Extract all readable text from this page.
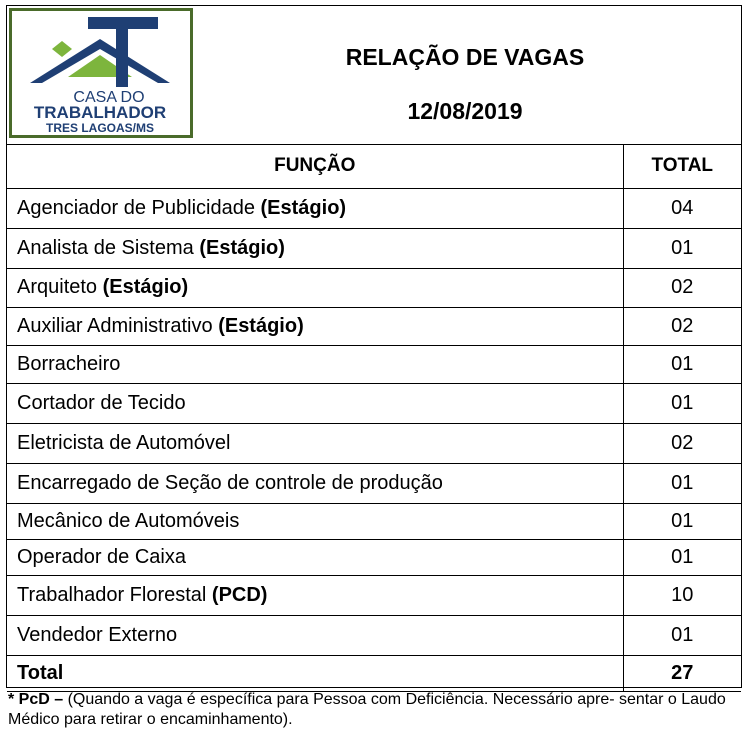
CASA DO
TRABALHADOR
TRES LAGOAS/MS
RELAÇÃO DE VAGAS
12/08/2019
FUNÇÃO	TOTAL
Agenciador de Publicidade (Estágio)	04
Analista de Sistema (Estágio)	01
Arquiteto (Estágio)	02
Auxiliar Administrativo (Estágio)	02
Borracheiro	01
Cortador de Tecido	01
Eletricista de Automóvel	02
Encarregado de Seção de controle de produção	01
Mecânico de Automóveis	01
Operador de Caixa	01
Trabalhador Florestal (PCD)	10
Vendedor Externo	01
Total	27
* PcD – (Quando a vaga é específica para Pessoa com Deficiência. Necessário apre- sentar o Laudo Médico para retirar o encaminhamento).
